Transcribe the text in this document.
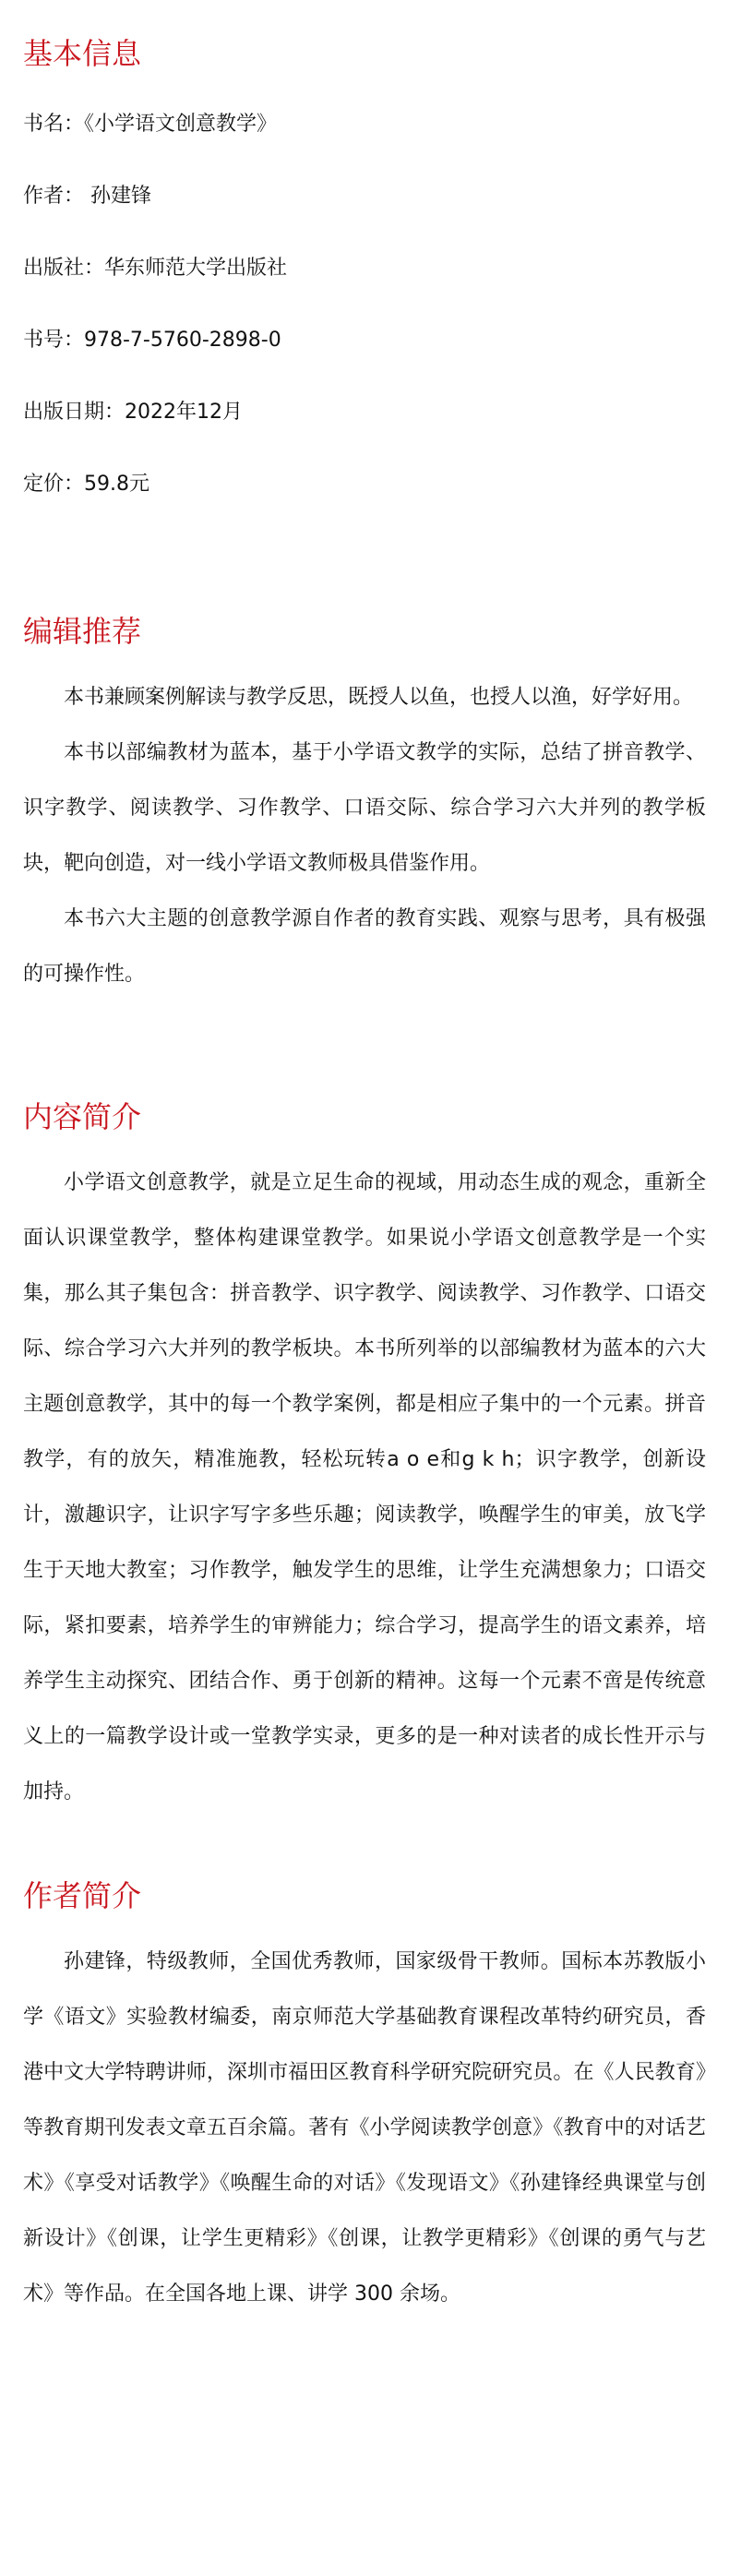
基本信息

书名：《小学语文创意教学》

作者： 孙建锋

出版社：华东师范大学出版社

书号：978-7-5760-2898-0

出版日期：2022年12月

定价：59.8元

编辑推荐

本书兼顾案例解读与教学反思，既授人以鱼，也授人以渔，好学好用。

本书以部编教材为蓝本，基于小学语文教学的实际，总结了拼音教学、识字教学、阅读教学、习作教学、口语交际、综合学习六大并列的教学板块，靶向创造，对一线小学语文教师极具借鉴作用。

本书六大主题的创意教学源自作者的教育实践、观察与思考，具有极强的可操作性。

内容简介

小学语文创意教学，就是立足生命的视域，用动态生成的观念，重新全面认识课堂教学，整体构建课堂教学。如果说小学语文创意教学是一个实集，那么其子集包含：拼音教学、识字教学、阅读教学、习作教学、口语交际、综合学习六大并列的教学板块。本书所列举的以部编教材为蓝本的六大主题创意教学，其中的每一个教学案例，都是相应子集中的一个元素。拼音教学，有的放矢，精准施教，轻松玩转a o e和g k h；识字教学，创新设计，激趣识字，让识字写字多些乐趣；阅读教学，唤醒学生的审美，放飞学生于天地大教室；习作教学，触发学生的思维，让学生充满想象力；口语交际，紧扣要素，培养学生的审辨能力；综合学习，提高学生的语文素养，培养学生主动探究、团结合作、勇于创新的精神。这每一个元素不啻是传统意义上的一篇教学设计或一堂教学实录，更多的是一种对读者的成长性开示与加持。

作者简介

孙建锋，特级教师，全国优秀教师，国家级骨干教师。国标本苏教版小学《语文》实验教材编委，南京师范大学基础教育课程改革特约研究员，香港中文大学特聘讲师，深圳市福田区教育科学研究院研究员。在《人民教育》等教育期刊发表文章五百余篇。著有《小学阅读教学创意》《教育中的对话艺术》《享受对话教学》《唤醒生命的对话》《发现语文》《孙建锋经典课堂与创新设计》《创课，让学生更精彩》《创课，让教学更精彩》《创课的勇气与艺术》等作品。在全国各地上课、讲学 300 余场。
